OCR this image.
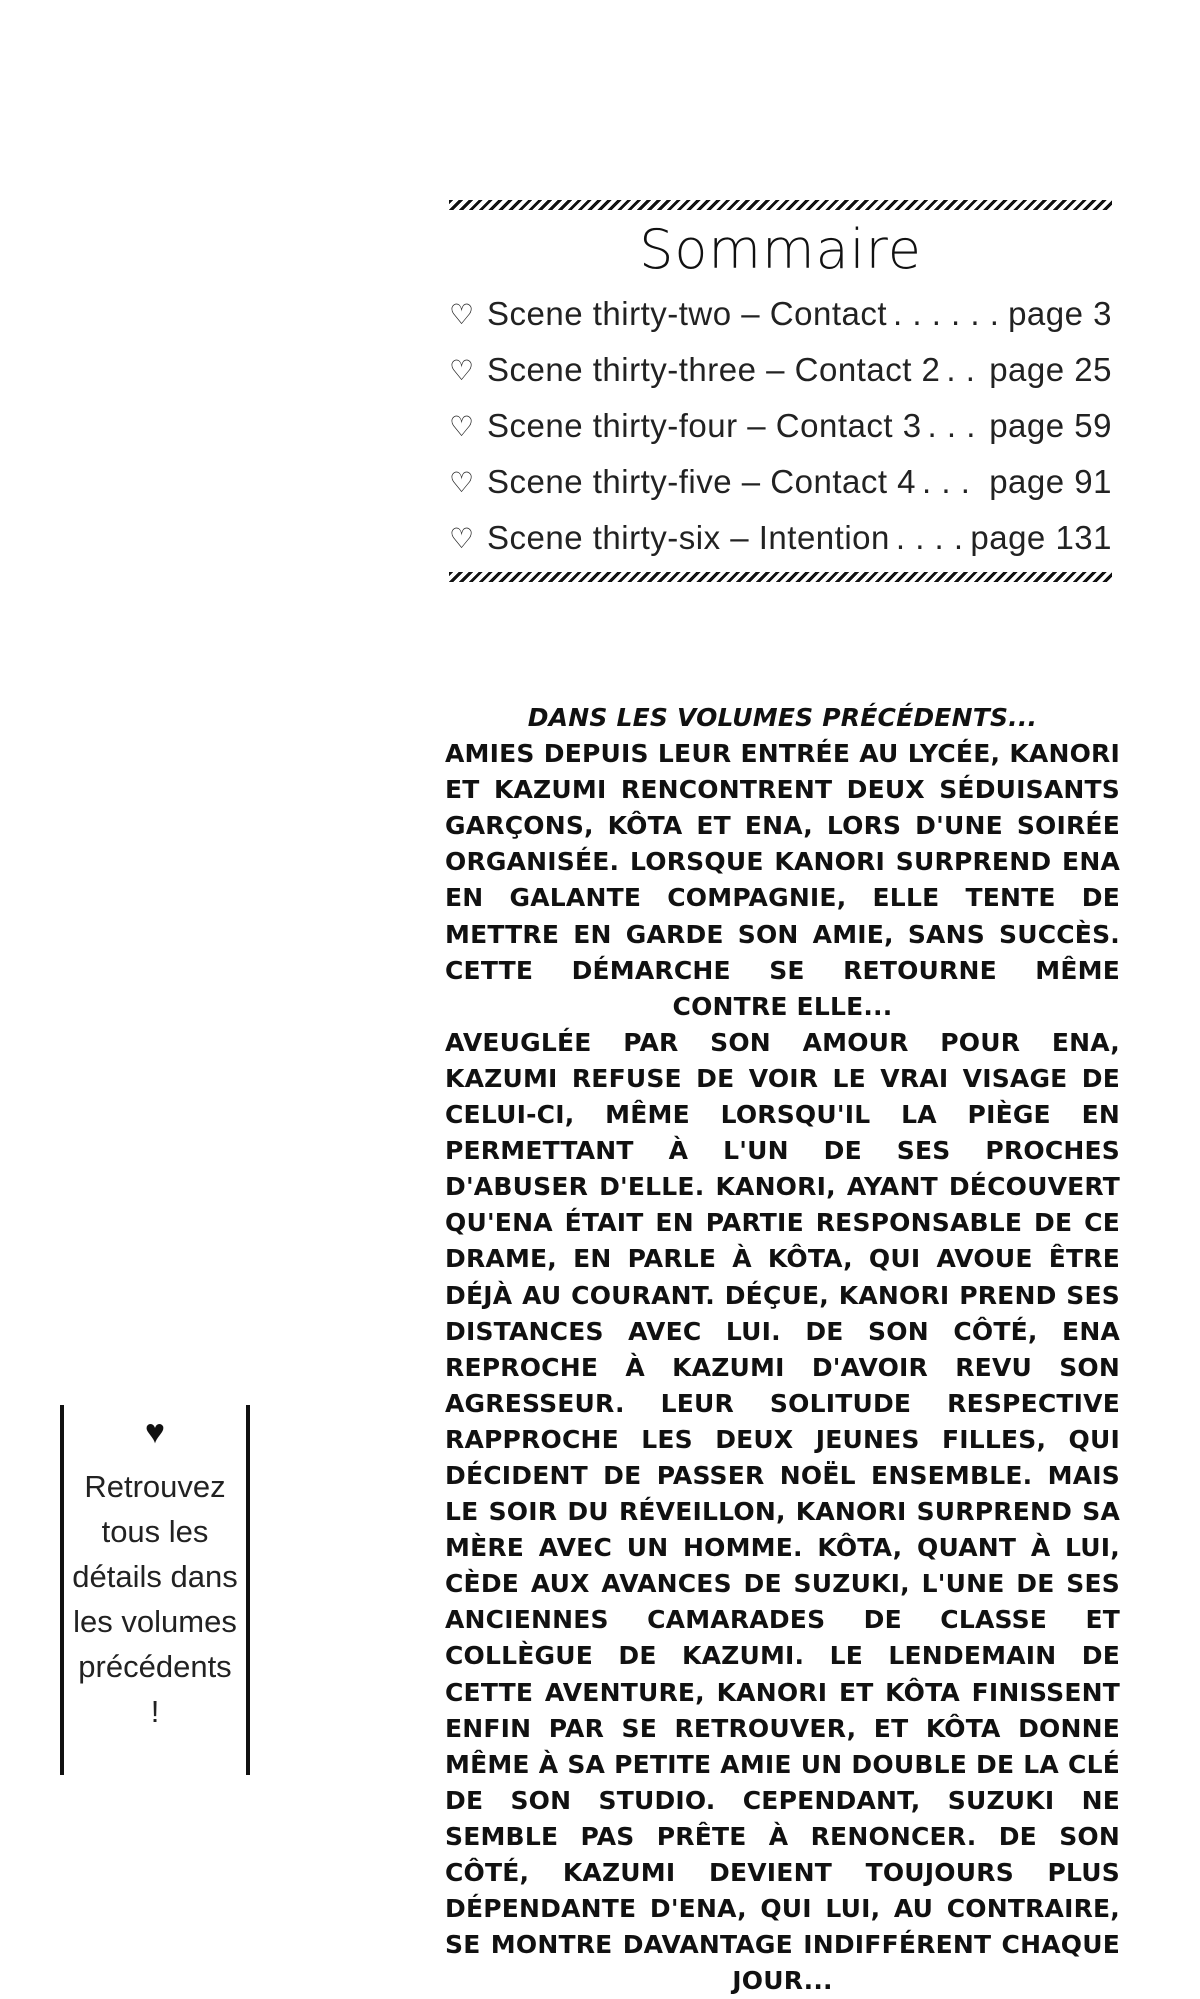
Sommaire
♡ Scene thirty-two – Contact . . . . . . page 3
♡ Scene thirty-three – Contact 2 . . page 25
♡ Scene thirty-four – Contact 3 . . . page 59
♡ Scene thirty-five – Contact 4 . . . page 91
♡ Scene thirty-six – Intention . . . . page 131
DANS LES VOLUMES PRÉCÉDENTS...

AMIES DEPUIS LEUR ENTRÉE AU LYCÉE, KANORI ET KAZUMI RENCONTRENT DEUX SÉDUISANTS GARÇONS, KÔTA ET ENA, LORS D'UNE SOIRÉE ORGANISÉE. LORSQUE KANORI SURPREND ENA EN GALANTE COMPAGNIE, ELLE TENTE DE METTRE EN GARDE SON AMIE, SANS SUCCÈS. CETTE DÉMARCHE SE RETOURNE MÊME CONTRE ELLE...

AVEUGLÉE PAR SON AMOUR POUR ENA, KAZUMI REFUSE DE VOIR LE VRAI VISAGE DE CELUI-CI, MÊME LORSQU'IL LA PIÈGE EN PERMETTANT À L'UN DE SES PROCHES D'ABUSER D'ELLE. KANORI, AYANT DÉCOUVERT QU'ENA ÉTAIT EN PARTIE RESPONSABLE DE CE DRAME, EN PARLE À KÔTA, QUI AVOUE ÊTRE DÉJÀ AU COURANT. DÉÇUE, KANORI PREND SES DISTANCES AVEC LUI. DE SON CÔTÉ, ENA REPROCHE À KAZUMI D'AVOIR REVU SON AGRESSEUR. LEUR SOLITUDE RESPECTIVE RAPPROCHE LES DEUX JEUNES FILLES, QUI DÉCIDENT DE PASSER NOËL ENSEMBLE. MAIS LE SOIR DU RÉVEILLON, KANORI SURPREND SA MÈRE AVEC UN HOMME. KÔTA, QUANT À LUI, CÈDE AUX AVANCES DE SUZUKI, L'UNE DE SES ANCIENNES CAMARADES DE CLASSE ET COLLÈGUE DE KAZUMI. LE LENDEMAIN DE CETTE AVENTURE, KANORI ET KÔTA FINISSENT ENFIN PAR SE RETROUVER, ET KÔTA DONNE MÊME À SA PETITE AMIE UN DOUBLE DE LA CLÉ DE SON STUDIO. CEPENDANT, SUZUKI NE SEMBLE PAS PRÊTE À RENONCER. DE SON CÔTÉ, KAZUMI DEVIENT TOUJOURS PLUS DÉPENDANTE D'ENA, QUI LUI, AU CONTRAIRE, SE MONTRE DAVANTAGE INDIFFÉRENT CHAQUE JOUR...

♥
Retrouvez tous les détails dans les volumes précédents !
